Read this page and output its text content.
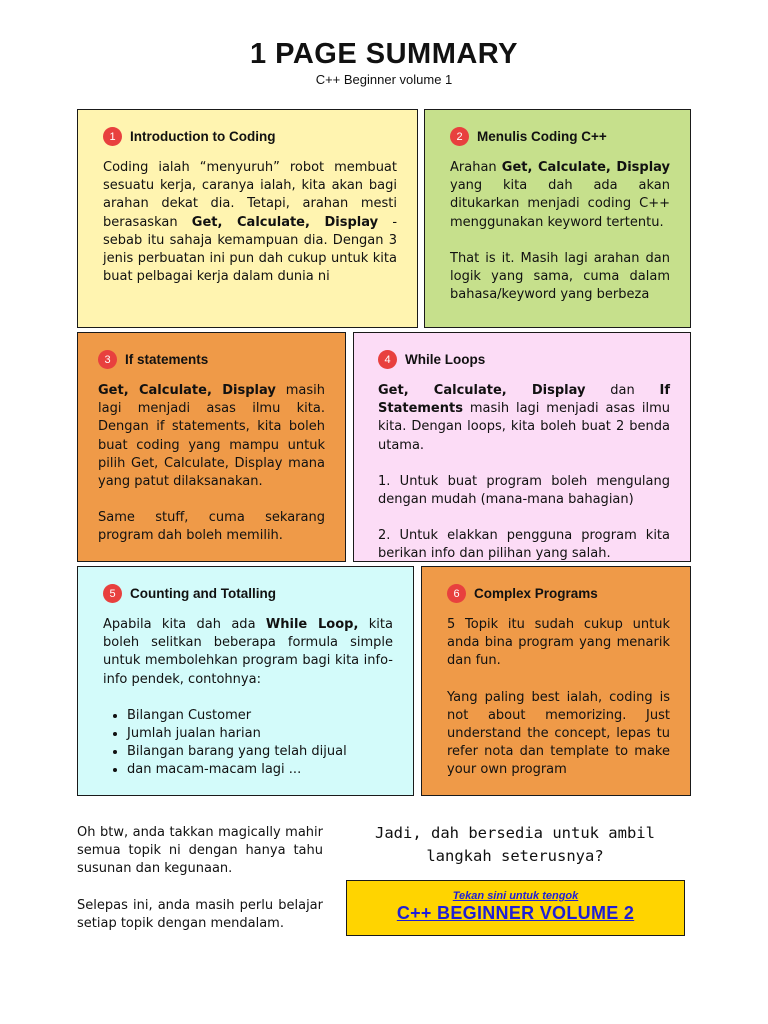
1 PAGE SUMMARY
C++ Beginner volume 1
1	Introduction to Coding

Coding ialah “menyuruh” robot membuat sesuatu kerja, caranya ialah, kita akan bagi arahan dekat dia. Tetapi, arahan mesti berasaskan Get, Calculate, Display - sebab itu sahaja kemampuan dia. Dengan 3 jenis perbuatan ini pun dah cukup untuk kita buat pelbagai kerja dalam dunia ni

2	Menulis Coding C++

Arahan Get, Calculate, Display yang kita dah ada akan ditukarkan menjadi coding C++ menggunakan keyword tertentu.

That is it. Masih lagi arahan dan logik yang sama, cuma dalam bahasa/keyword yang berbeza

3	If statements

Get, Calculate, Display masih lagi menjadi asas ilmu kita. Dengan if statements, kita boleh buat coding yang mampu untuk pilih Get, Calculate, Display mana yang patut dilaksanakan.

Same stuff, cuma sekarang program dah boleh memilih.

4	While Loops

Get, Calculate, Display dan If Statements masih lagi menjadi asas ilmu kita. Dengan loops, kita boleh buat 2 benda utama.

1. Untuk buat program boleh mengulang dengan mudah (mana-mana bahagian)

2. Untuk elakkan pengguna program kita berikan info dan pilihan yang salah.

5	Counting and Totalling

Apabila kita dah ada While Loop, kita boleh selitkan beberapa formula simple untuk membolehkan program bagi kita info-info pendek, contohnya:

• Bilangan Customer
• Jumlah jualan harian
• Bilangan barang yang telah dijual
• dan macam-macam lagi ...
6	Complex Programs

5 Topik itu sudah cukup untuk anda bina program yang menarik dan fun.

Yang paling best ialah, coding is not about memorizing. Just understand the concept, lepas tu refer nota dan template to make your own program

Oh btw, anda takkan magically mahir semua topik ni dengan hanya tahu susunan dan kegunaan.

Selepas ini, anda masih perlu belajar setiap topik dengan mendalam.

Jadi, dah bersedia untuk ambil
langkah seterusnya?
Tekan sini untuk tengok
C++ BEGINNER VOLUME 2
